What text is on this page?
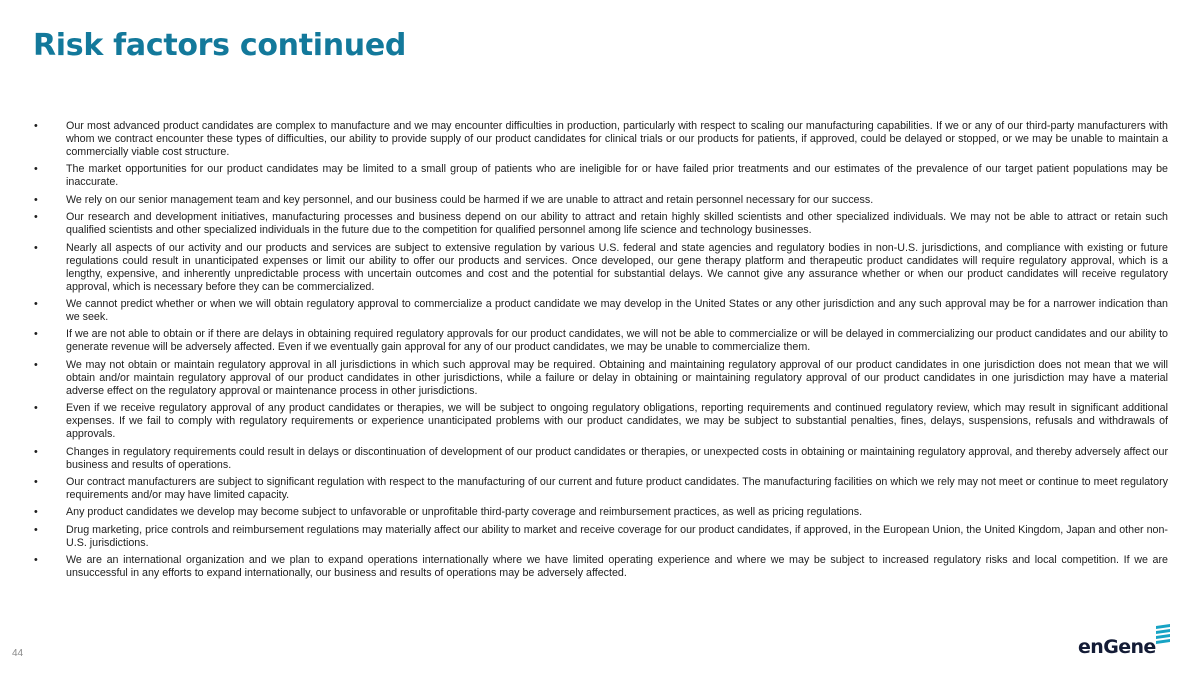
Risk factors continued
•	Our most advanced product candidates are complex to manufacture and we may encounter difficulties in production, particularly with respect to scaling our manufacturing capabilities. If we or any of our third-party manufacturers with whom we contract encounter these types of difficulties, our ability to provide supply of our product candidates for clinical trials or our products for patients, if approved, could be delayed or stopped, or we may be unable to maintain a commercially viable cost structure.
•	The market opportunities for our product candidates may be limited to a small group of patients who are ineligible for or have failed prior treatments and our estimates of the prevalence of our target patient populations may be inaccurate.
•	We rely on our senior management team and key personnel, and our business could be harmed if we are unable to attract and retain personnel necessary for our success.
•	Our research and development initiatives, manufacturing processes and business depend on our ability to attract and retain highly skilled scientists and other specialized individuals. We may not be able to attract or retain such qualified scientists and other specialized individuals in the future due to the competition for qualified personnel among life science and technology businesses.
•	Nearly all aspects of our activity and our products and services are subject to extensive regulation by various U.S. federal and state agencies and regulatory bodies in non-U.S. jurisdictions, and compliance with existing or future regulations could result in unanticipated expenses or limit our ability to offer our products and services. Once developed, our gene therapy platform and therapeutic product candidates will require regulatory approval, which is a lengthy, expensive, and inherently unpredictable process with uncertain outcomes and cost and the potential for substantial delays. We cannot give any assurance whether or when our product candidates will receive regulatory approval, which is necessary before they can be commercialized.
•	We cannot predict whether or when we will obtain regulatory approval to commercialize a product candidate we may develop in the United States or any other jurisdiction and any such approval may be for a narrower indication than we seek.
•	If we are not able to obtain or if there are delays in obtaining required regulatory approvals for our product candidates, we will not be able to commercialize or will be delayed in commercializing our product candidates and our ability to generate revenue will be adversely affected. Even if we eventually gain approval for any of our product candidates, we may be unable to commercialize them.
•	We may not obtain or maintain regulatory approval in all jurisdictions in which such approval may be required. Obtaining and maintaining regulatory approval of our product candidates in one jurisdiction does not mean that we will obtain and/or maintain regulatory approval of our product candidates in other jurisdictions, while a failure or delay in obtaining or maintaining regulatory approval of our product candidates in one jurisdiction may have a material adverse effect on the regulatory approval or maintenance process in other jurisdictions.
•	Even if we receive regulatory approval of any product candidates or therapies, we will be subject to ongoing regulatory obligations, reporting requirements and continued regulatory review, which may result in significant additional expenses. If we fail to comply with regulatory requirements or experience unanticipated problems with our product candidates, we may be subject to substantial penalties, fines, delays, suspensions, refusals and withdrawals of approvals.
•	Changes in regulatory requirements could result in delays or discontinuation of development of our product candidates or therapies, or unexpected costs in obtaining or maintaining regulatory approval, and thereby adversely affect our business and results of operations.
•	Our contract manufacturers are subject to significant regulation with respect to the manufacturing of our current and future product candidates. The manufacturing facilities on which we rely may not meet or continue to meet regulatory requirements and/or may have limited capacity.
•	Any product candidates we develop may become subject to unfavorable or unprofitable third-party coverage and reimbursement practices, as well as pricing regulations.
•	Drug marketing, price controls and reimbursement regulations may materially affect our ability to market and receive coverage for our product candidates, if approved, in the European Union, the United Kingdom, Japan and other non-U.S. jurisdictions.
•	We are an international organization and we plan to expand operations internationally where we have limited operating experience and where we may be subject to increased regulatory risks and local competition. If we are unsuccessful in any efforts to expand internationally, our business and results of operations may be adversely affected.
44	enGene
